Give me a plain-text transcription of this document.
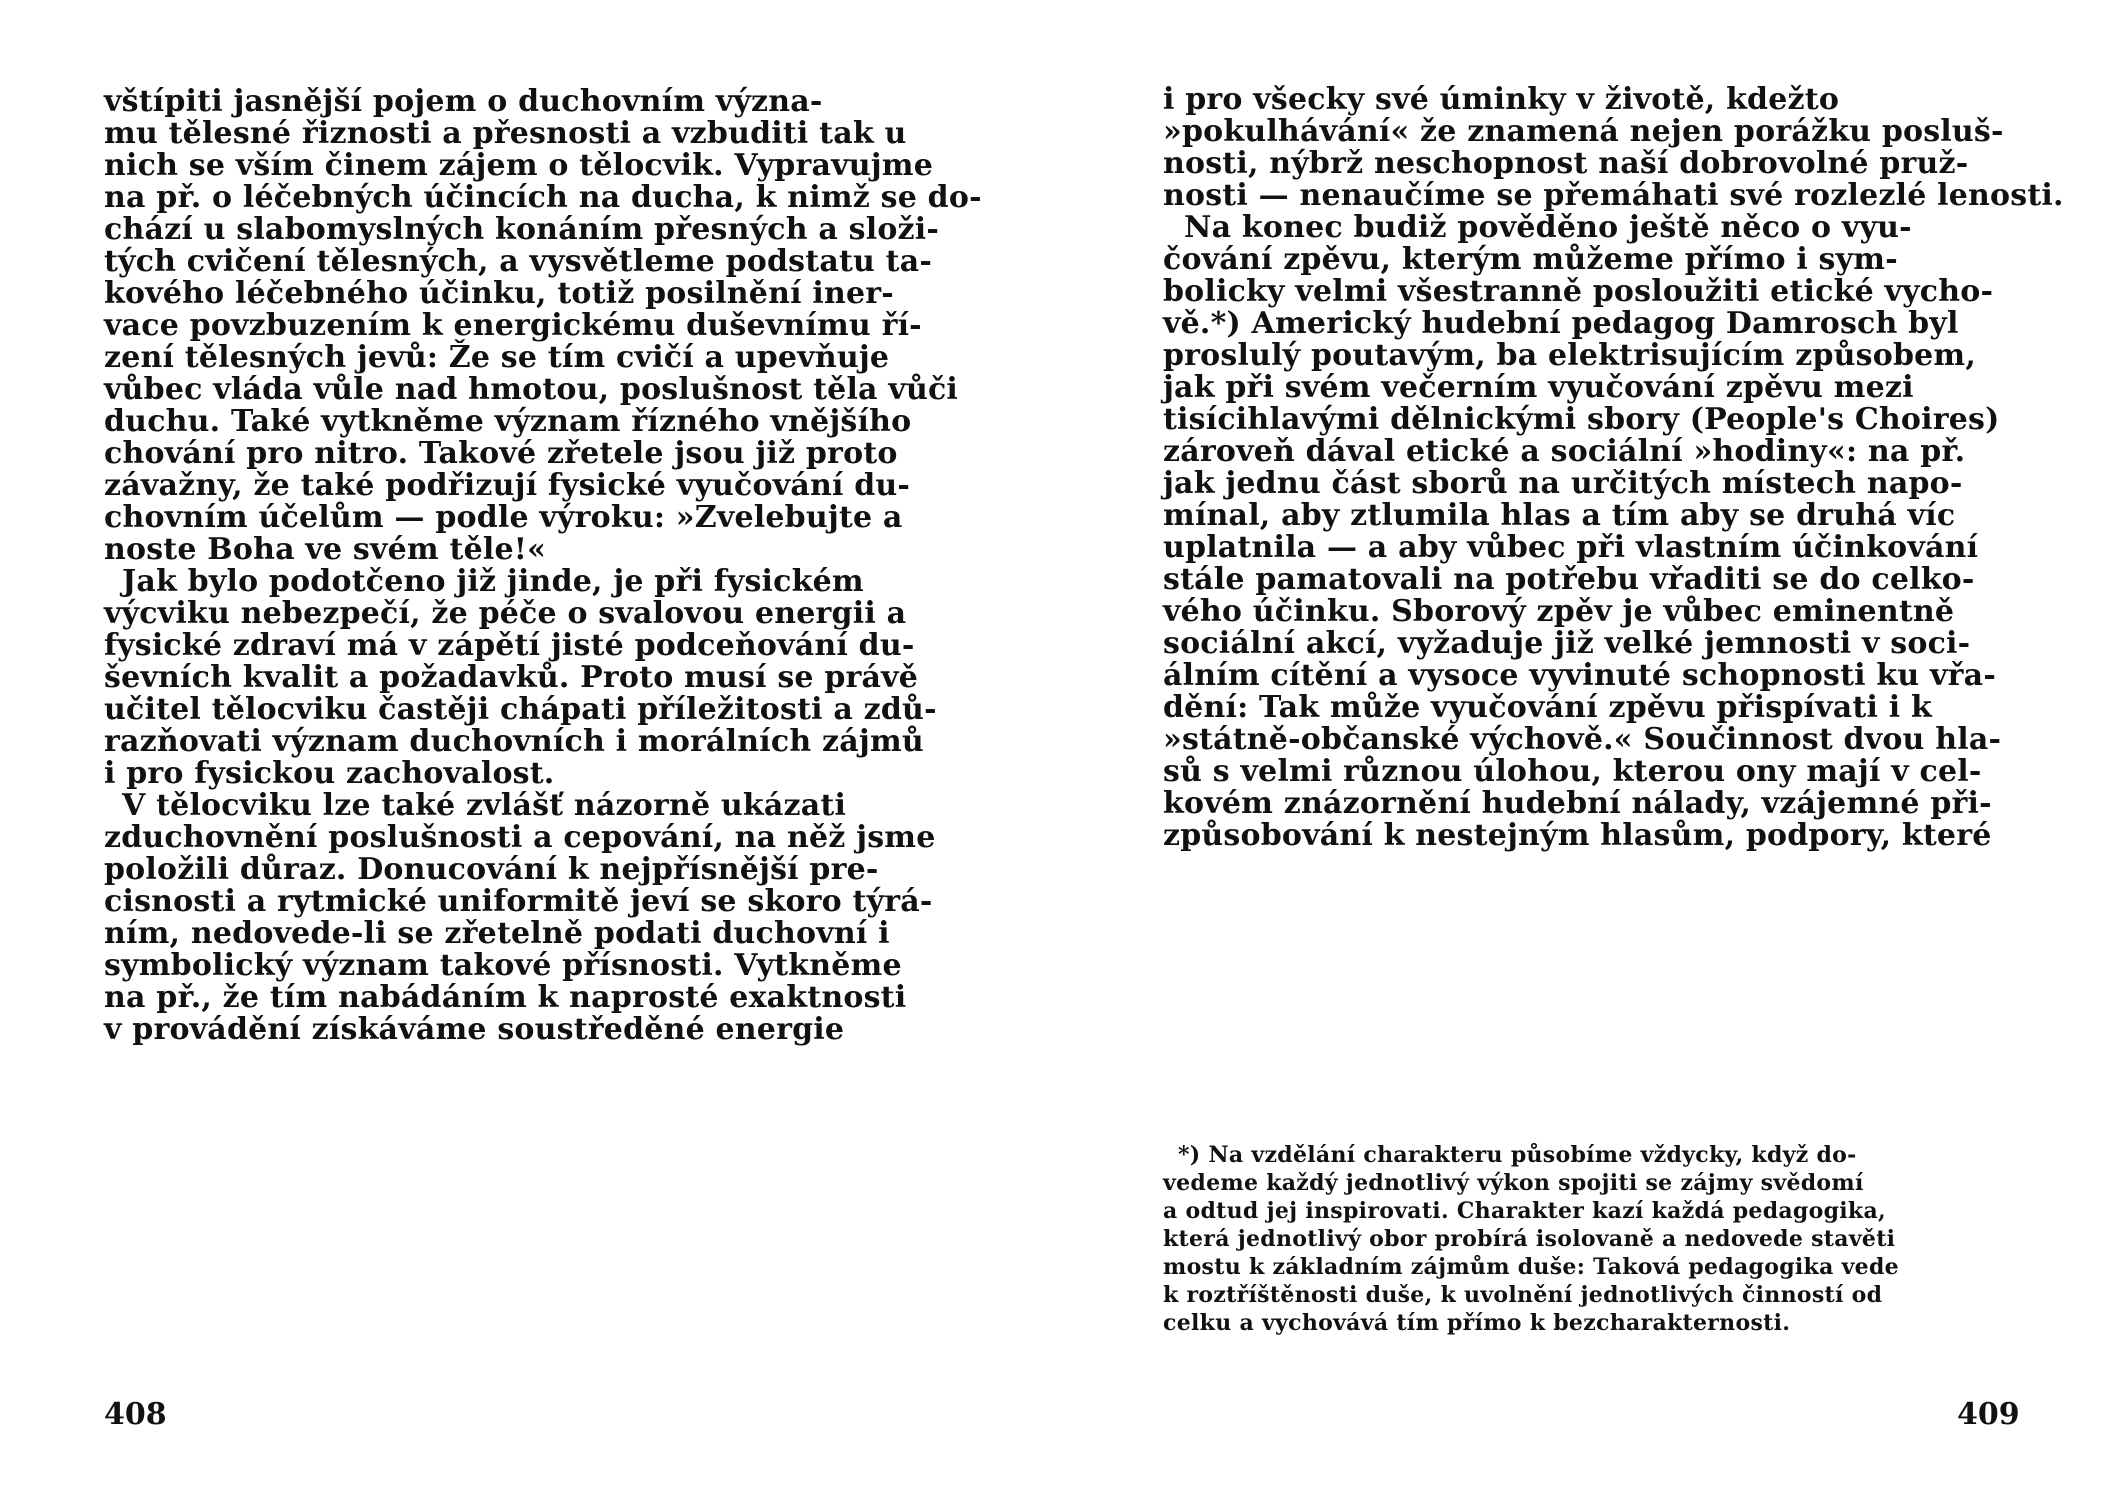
vštípiti jasnější pojem o duchovním význa-
mu tělesné řiznosti a přesnosti a vzbuditi tak u
nich se vším činem zájem o tělocvik. Vypravujme
na př. o léčebných účincích na ducha, k nimž se do-
chází u slabomyslných konáním přesných a složi-
tých cvičení tělesných, a vysvětleme podstatu ta-
kového léčebného účinku, totiž posilnění iner-
vace povzbuzením k energickému duševnímu ří-
zení tělesných jevů: Že se tím cvičí a upevňuje
vůbec vláda vůle nad hmotou, poslušnost těla vůči
duchu. Také vytkněme význam řízného vnějšího
chování pro nitro. Takové zřetele jsou již proto
závažny, že také podřizují fysické vyučování du-
chovním účelům — podle výroku: »Zvelebujte a
noste Boha ve svém těle!«
Jak bylo podotčeno již jinde, je při fysickém
výcviku nebezpečí, že péče o svalovou energii a
fysické zdraví má v zápětí jisté podceňování du-
ševních kvalit a požadavků. Proto musí se právě
učitel tělocviku častěji chápati příležitosti a zdů-
razňovati význam duchovních i morálních zájmů
i pro fysickou zachovalost.
V tělocviku lze také zvlášť názorně ukázati
zduchovnění poslušnosti a cepování, na něž jsme
položili důraz. Donucování k nejpřísnější pre-
cisnosti a rytmické uniformitě jeví se skoro týrá-
ním, nedovede-li se zřetelně podati duchovní i
symbolický význam takové přísnosti. Vytkněme
na př., že tím nabádáním k naprosté exaktnosti
v provádění získáváme soustředěné energie
408
i pro všecky své úminky v životě, kdežto
»pokulhávání« že znamená nejen porážku posluš-
nosti, nýbrž neschopnost naší dobrovolné pruž-
nosti — nenaučíme se přemáhati své rozlezlé lenosti.
Na konec budiž pověděno ještě něco o vyu-
čování zpěvu, kterým můžeme přímo i sym-
bolicky velmi všestranně posloužiti etické vycho-
vě.*) Americký hudební pedagog Damrosch byl
proslulý poutavým, ba elektrisujícím způsobem,
jak při svém večerním vyučování zpěvu mezi
tisícihlavými dělnickými sbory (People's Choires)
zároveň dával etické a sociální »hodiny«: na př.
jak jednu část sborů na určitých místech napo-
mínal, aby ztlumila hlas a tím aby se druhá víc
uplatnila — a aby vůbec při vlastním účinkování
stále pamatovali na potřebu vřaditi se do celko-
vého účinku. Sborový zpěv je vůbec eminentně
sociální akcí, vyžaduje již velké jemnosti v soci-
álním cítění a vysoce vyvinuté schopnosti ku vřa-
dění: Tak může vyučování zpěvu přispívati i k
»státně-občanské výchově.« Součinnost dvou hla-
sů s velmi různou úlohou, kterou ony mají v cel-
kovém znázornění hudební nálady, vzájemné při-
způsobování k nestejným hlasům, podpory, které
*) Na vzdělání charakteru působíme vždycky, když do-
vedeme každý jednotlivý výkon spojiti se zájmy svědomí
a odtud jej inspirovati. Charakter kazí každá pedagogika,
která jednotlivý obor probírá isolovaně a nedovede stavěti
mostu k základním zájmům duše: Taková pedagogika vede
k roztříštěnosti duše, k uvolnění jednotlivých činností od
celku a vychovává tím přímo k bezcharakternosti.
409
